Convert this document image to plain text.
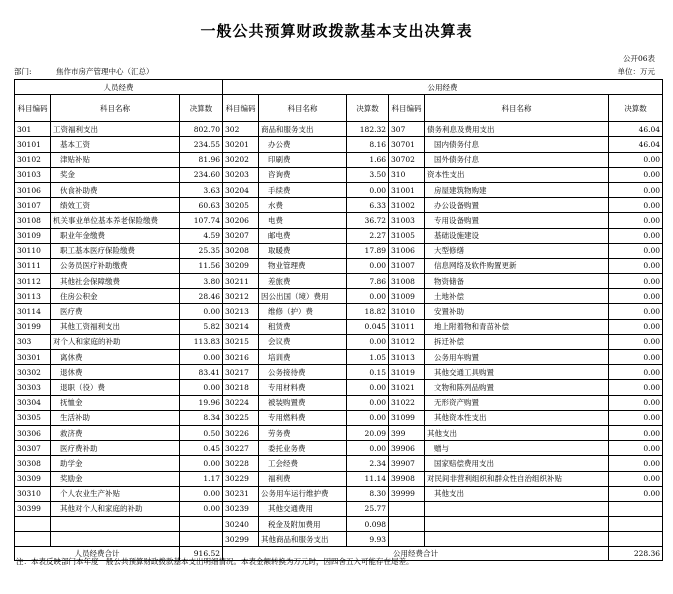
一般公共预算财政拨款基本支出决算表
公开06表
部门:	焦作市房产管理中心（汇总）	单位：万元
人员经费			公用经费					
科目编码	科目名称	决算数	科目编码	科目名称	决算数	科目编码	科目名称	决算数
301	工资福利支出	802.70	302	商品和服务支出	182.32	307	债务利息及费用支出	46.04
30101	基本工资	234.55	30201	办公费	8.16	30701	国内债务付息	46.04
30102	津贴补贴	81.96	30202	印刷费	1.66	30702	国外债务付息	0.00
30103	奖金	234.60	30203	咨询费	3.50	310	资本性支出	0.00
30106	伙食补助费	3.63	30204	手续费	0.00	31001	房屋建筑物购建	0.00
30107	绩效工资	60.63	30205	水费	6.33	31002	办公设备购置	0.00
30108	机关事业单位基本养老保险缴费	107.74	30206	电费	36.72	31003	专用设备购置	0.00
30109	职业年金缴费	4.59	30207	邮电费	2.27	31005	基础设施建设	0.00
30110	职工基本医疗保险缴费	25.35	30208	取暖费	17.89	31006	大型修缮	0.00
30111	公务员医疗补助缴费	11.56	30209	物业管理费	0.00	31007	信息网络及软件购置更新	0.00
30112	其他社会保障缴费	3.80	30211	差旅费	7.86	31008	物资储备	0.00
30113	住房公积金	28.46	30212	因公出国（境）费用	0.00	31009	土地补偿	0.00
30114	医疗费	0.00	30213	维修（护）费	18.82	31010	安置补助	0.00
30199	其他工资福利支出	5.82	30214	租赁费	0.045	31011	地上附着物和青苗补偿	0.00
303	对个人和家庭的补助	113.83	30215	会议费	0.00	31012	拆迁补偿	0.00
30301	离休费	0.00	30216	培训费	1.05	31013	公务用车购置	0.00
30302	退休费	83.41	30217	公务接待费	0.15	31019	其他交通工具购置	0.00
30303	退职（役）费	0.00	30218	专用材料费	0.00	31021	文物和陈列品购置	0.00
30304	抚恤金	19.96	30224	被装购置费	0.00	31022	无形资产购置	0.00
30305	生活补助	8.34	30225	专用燃料费	0.00	31099	其他资本性支出	0.00
30306	救济费	0.50	30226	劳务费	20.09	399	其他支出	0.00
30307	医疗费补助	0.45	30227	委托业务费	0.00	39906	赠与	0.00
30308	助学金	0.00	30228	工会经费	2.34	39907	国家赔偿费用支出	0.00
30309	奖励金	1.17	30229	福利费	11.14	39908	对民间非营利组织和群众性自治组织补贴	0.00
30310	个人农业生产补贴	0.00	30231	公务用车运行维护费	8.30	39999	其他支出	0.00
30399	其他对个人和家庭的补助	0.00	30239	其他交通费用	25.77			
			30240	税金及附加费用	0.098			
			30299	其他商品和服务支出	9.93			
人员经费合计		916.52	公用经费合计					228.36
注：本表反映部门本年度一般公共预算财政拨款基本支出明细情况。本表金额转换为万元时，因四舍五入可能存在尾差。
